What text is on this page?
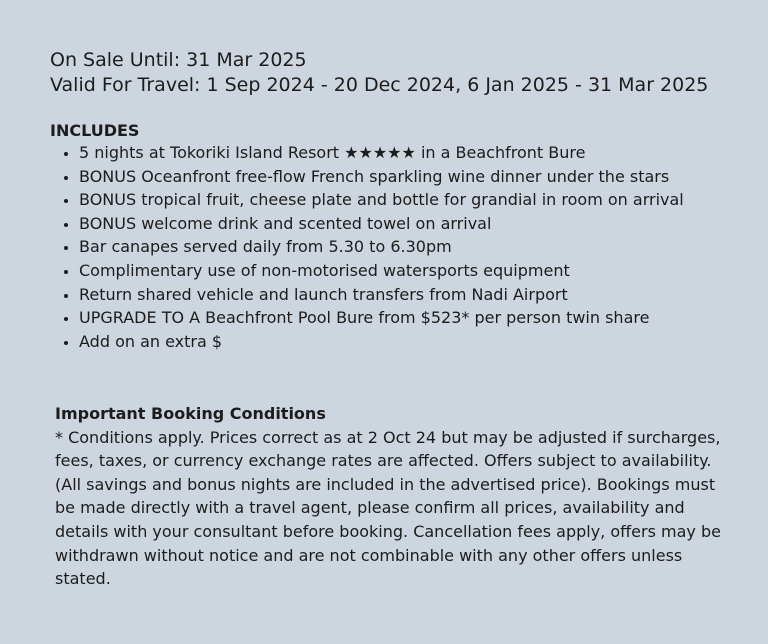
On Sale Until: 31 Mar 2025
Valid For Travel: 1 Sep 2024 - 20 Dec 2024, 6 Jan 2025 - 31 Mar 2025
INCLUDES
• 5 nights at Tokoriki Island Resort ★★★★★ in a Beachfront Bure
• BONUS Oceanfront free-flow French sparkling wine dinner under the stars
• BONUS tropical fruit, cheese plate and bottle for grandial in room on arrival
• BONUS welcome drink and scented towel on arrival
• Bar canapes served daily from 5.30 to 6.30pm
• Complimentary use of non-motorised watersports equipment
• Return shared vehicle and launch transfers from Nadi Airport
• UPGRADE TO A Beachfront Pool Bure from $523* per person twin share
• Add on an extra $
Important Booking Conditions
* Conditions apply. Prices correct as at 2 Oct 24 but may be adjusted if surcharges, fees, taxes, or currency exchange rates are affected. Offers subject to availability. (All savings and bonus nights are included in the advertised price). Bookings must be made directly with a travel agent, please confirm all prices, availability and details with your consultant before booking. Cancellation fees apply, offers may be withdrawn without notice and are not combinable with any other offers unless stated.
